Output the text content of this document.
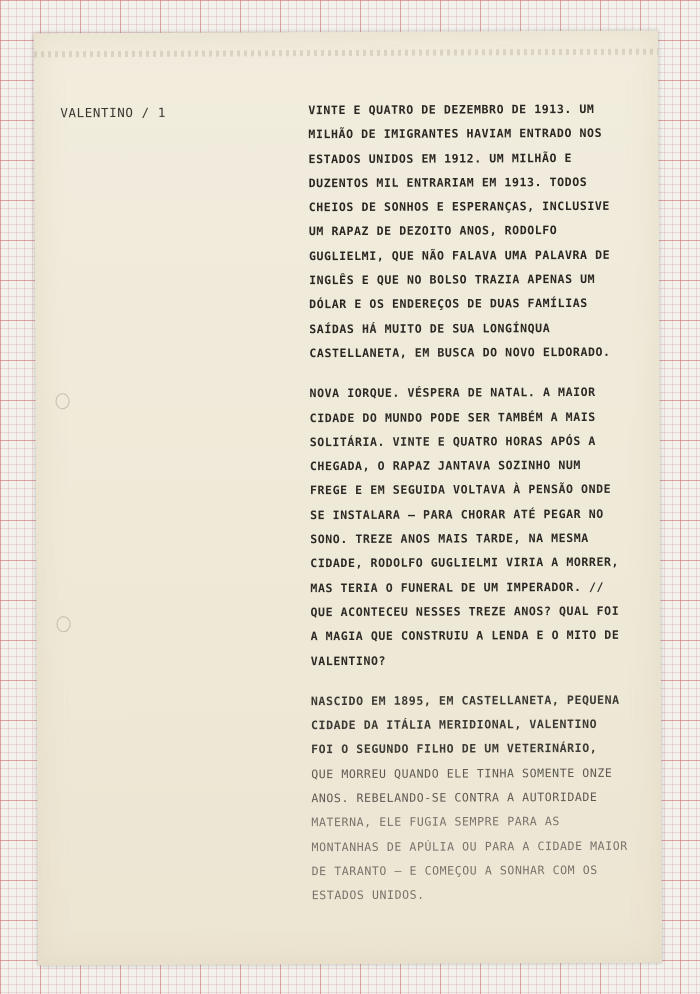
VALENTINO / 1	VINTE E QUATRO DE DEZEMBRO DE 1913. UM
MILHÃO DE IMIGRANTES HAVIAM ENTRADO NOS
ESTADOS UNIDOS EM 1912. UM MILHÃO E
DUZENTOS MIL ENTRARIAM EM 1913. TODOS
CHEIOS DE SONHOS E ESPERANÇAS, INCLUSIVE
UM RAPAZ DE DEZOITO ANOS, RODOLFO
GUGLIELMI, QUE NÃO FALAVA UMA PALAVRA DE
INGLÊS E QUE NO BOLSO TRAZIA APENAS UM
DÓLAR E OS ENDEREÇOS DE DUAS FAMÍLIAS
SAÍDAS HÁ MUITO DE SUA LONGÍNQUA
CASTELLANETA, EM BUSCA DO NOVO ELDORADO.
NOVA IORQUE. VÉSPERA DE NATAL. A MAIOR
CIDADE DO MUNDO PODE SER TAMBÉM A MAIS
SOLITÁRIA. VINTE E QUATRO HORAS APÓS A
CHEGADA, O RAPAZ JANTAVA SOZINHO NUM
FREGE E EM SEGUIDA VOLTAVA À PENSÃO ONDE
SE INSTALARA — PARA CHORAR ATÉ PEGAR NO
SONO. TREZE ANOS MAIS TARDE, NA MESMA
CIDADE, RODOLFO GUGLIELMI VIRIA A MORRER,
MAS TERIA O FUNERAL DE UM IMPERADOR. //
QUE ACONTECEU NESSES TREZE ANOS? QUAL FOI
A MAGIA QUE CONSTRUIU A LENDA E O MITO DE
VALENTINO?
NASCIDO EM 1895, EM CASTELLANETA, PEQUENA
CIDADE DA ITÁLIA MERIDIONAL, VALENTINO
FOI O SEGUNDO FILHO DE UM VETERINÁRIO,
QUE MORREU QUANDO ELE TINHA SOMENTE ONZE
ANOS. REBELANDO-SE CONTRA A AUTORIDADE
MATERNA, ELE FUGIA SEMPRE PARA AS
MONTANHAS DE APÚLIA OU PARA A CIDADE MAIOR
DE TARANTO — E COMEÇOU A SONHAR COM OS
ESTADOS UNIDOS.
